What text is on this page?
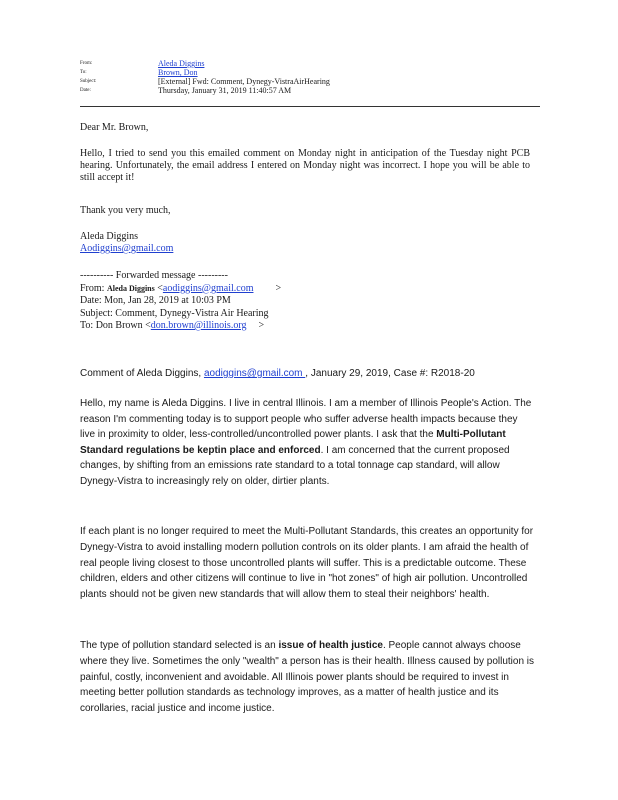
From:	Aleda Diggins
To:	Brown, Don
Subject:	[External] Fwd: Comment, Dynegy-VistraAirHearing
Date:	Thursday, January 31, 2019 11:40:57 AM

Dear Mr. Brown,

Hello, I tried to send you this emailed comment on Monday night in anticipation of the Tuesday night PCB hearing. Unfortunately, the email address I entered on Monday night was incorrect. I hope you will be able to still accept it!

Thank you very much,

Aleda Diggins

Aodiggins@gmail.com

---------- Forwarded message ---------
From: Aleda Diggins <aodiggins@gmail.com >
Date: Mon, Jan 28, 2019 at 10:03 PM
Subject: Comment, Dynegy-Vistra Air Hearing
To: Don Brown <don.brown@illinois.org >

Comment of Aleda Diggins, aodiggins@gmail.com , January 29, 2019, Case #: R2018-20

Hello, my name is Aleda Diggins. I live in central Illinois. I am a member of Illinois People's Action. The reason I'm commenting today is to support people who suffer adverse health impacts because they live in proximity to older, less-controlled/uncontrolled power plants. I ask that the Multi-Pollutant Standard regulations be keptin place and enforced. I am concerned that the current proposed changes, by shifting from an emissions rate standard to a total tonnage cap standard, will allow Dynegy-Vistra to increasingly rely on older, dirtier plants.

If each plant is no longer required to meet the Multi-Pollutant Standards, this creates an opportunity for Dynegy-Vistra to avoid installing modern pollution controls on its older plants. I am afraid the health of real people living closest to those uncontrolled plants will suffer. This is a predictable outcome. These children, elders and other citizens will continue to live in "hot zones" of high air pollution. Uncontrolled plants should not be given new standards that will allow them to steal their neighbors' health.

The type of pollution standard selected is an issue of health justice. People cannot always choose where they live. Sometimes the only "wealth" a person has is their health. Illness caused by pollution is painful, costly, inconvenient and avoidable. All Illinois power plants should be required to invest in meeting better pollution standards as technology improves, as a matter of health justice and its corollaries, racial justice and income justice.
